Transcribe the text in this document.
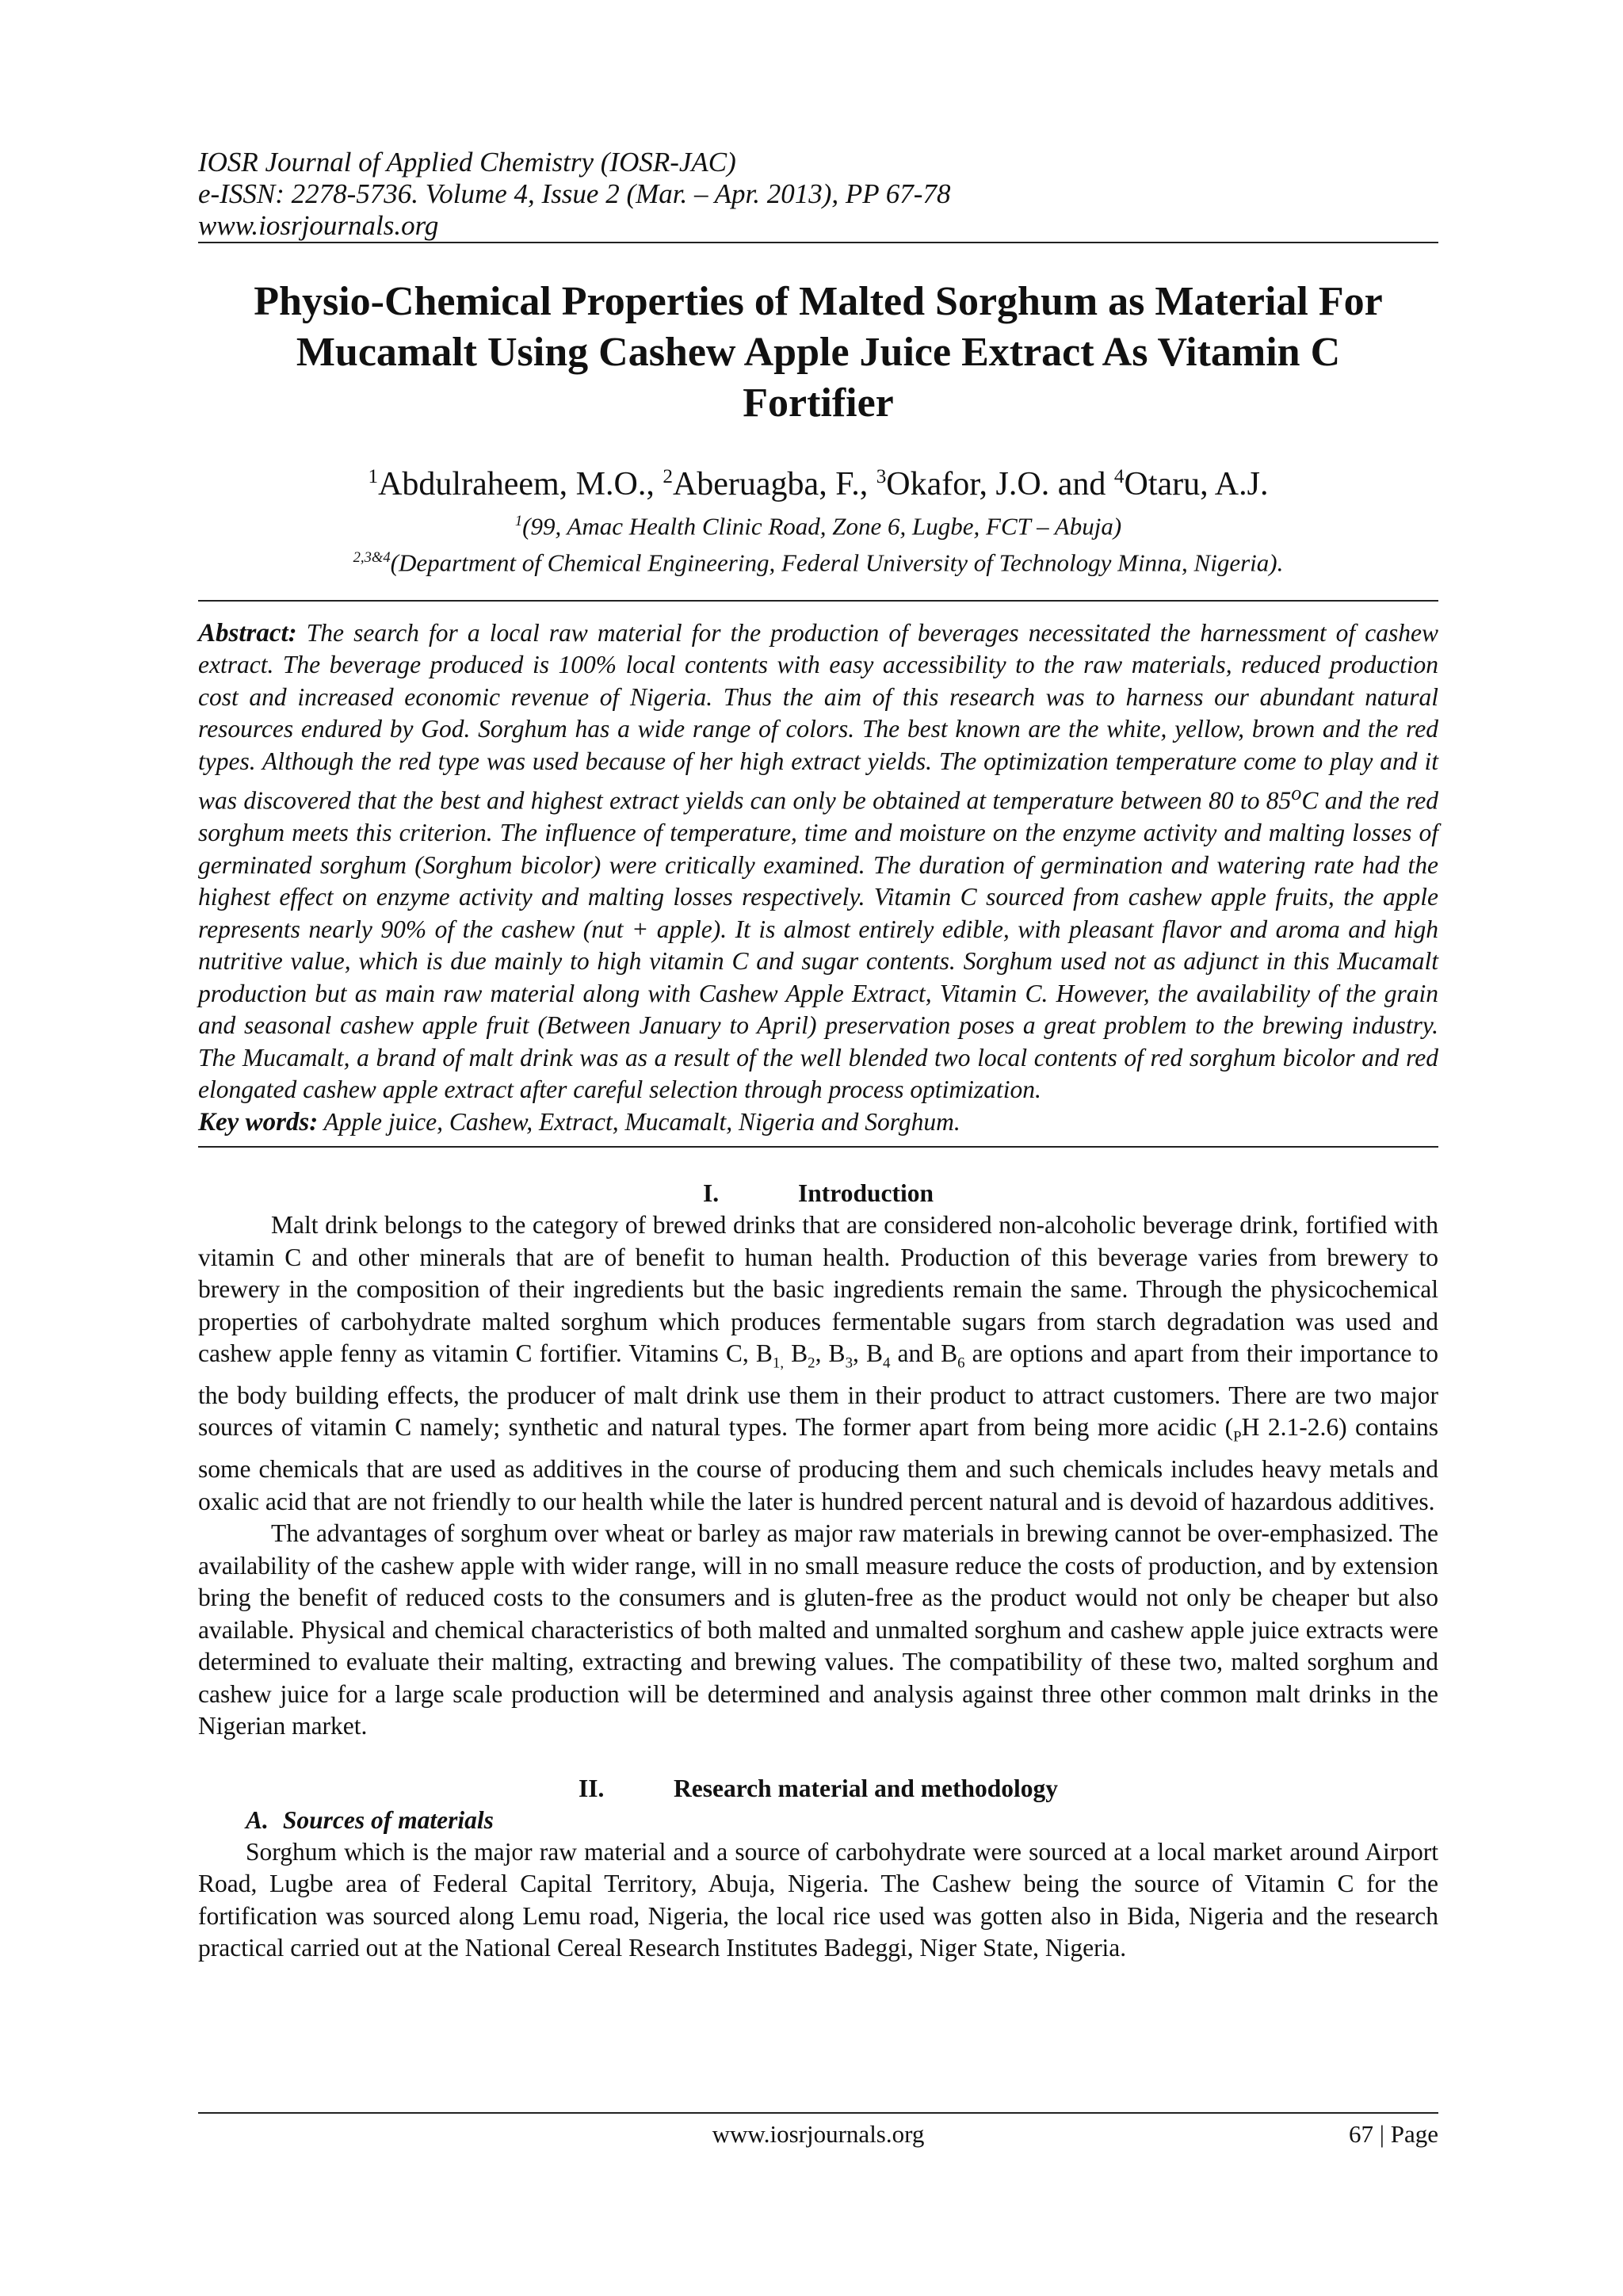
IOSR Journal of Applied Chemistry (IOSR-JAC)
e-ISSN: 2278-5736. Volume 4, Issue 2 (Mar. – Apr. 2013), PP 67-78
www.iosrjournals.org
Physio-Chemical Properties of Malted Sorghum as Material For Mucamalt Using Cashew Apple Juice Extract As Vitamin C Fortifier
$^1$Abdulraheem, M.O., $^2$Aberuagba, F., $^3$Okafor, J.O. and $^4$Otaru, A.J.
$^1$(99, Amac Health Clinic Road, Zone 6, Lugbe, FCT – Abuja)
$^{2,3\&4}$(Department of Chemical Engineering, Federal University of Technology Minna, Nigeria).

Abstract: The search for a local raw material for the production of beverages necessitated the harnessment of cashew extract. The beverage produced is 100% local contents with easy accessibility to the raw materials, reduced production cost and increased economic revenue of Nigeria. Thus the aim of this research was to harness our abundant natural resources endured by God. Sorghum has a wide range of colors. The best known are the white, yellow, brown and the red types. Although the red type was used because of her high extract yields. The optimization temperature come to play and it was discovered that the best and highest extract yields can only be obtained at temperature between 80 to 85$^o$C and the red sorghum meets this criterion. The influence of temperature, time and moisture on the enzyme activity and malting losses of germinated sorghum (Sorghum bicolor) were critically examined. The duration of germination and watering rate had the highest effect on enzyme activity and malting losses respectively. Vitamin C sourced from cashew apple fruits, the apple represents nearly 90% of the cashew (nut + apple). It is almost entirely edible, with pleasant flavor and aroma and high nutritive value, which is due mainly to high vitamin C and sugar contents. Sorghum used not as adjunct in this Mucamalt production but as main raw material along with Cashew Apple Extract, Vitamin C. However, the availability of the grain and seasonal cashew apple fruit (Between January to April) preservation poses a great problem to the brewing industry. The Mucamalt, a brand of malt drink was as a result of the well blended two local contents of red sorghum bicolor and red elongated cashew apple extract after careful selection through process optimization.

Key words: Apple juice, Cashew, Extract, Mucamalt, Nigeria and Sorghum.

I.	Introduction

Malt drink belongs to the category of brewed drinks that are considered non-alcoholic beverage drink, fortified with vitamin C and other minerals that are of benefit to human health. Production of this beverage varies from brewery to brewery in the composition of their ingredients but the basic ingredients remain the same. Through the physicochemical properties of carbohydrate malted sorghum which produces fermentable sugars from starch degradation was used and cashew apple fenny as vitamin C fortifier. Vitamins C, $B_{1,}$ $B_2$, $B_3$, $B_4$ and $B_6$ are options and apart from their importance to the body building effects, the producer of malt drink use them in their product to attract customers. There are two major sources of vitamin C namely; synthetic and natural types. The former apart from being more acidic ($_PH$ 2.1-2.6) contains some chemicals that are used as additives in the course of producing them and such chemicals includes heavy metals and oxalic acid that are not friendly to our health while the later is hundred percent natural and is devoid of hazardous additives.

The advantages of sorghum over wheat or barley as major raw materials in brewing cannot be over-emphasized. The availability of the cashew apple with wider range, will in no small measure reduce the costs of production, and by extension bring the benefit of reduced costs to the consumers and is gluten-free as the product would not only be cheaper but also available. Physical and chemical characteristics of both malted and unmalted sorghum and cashew apple juice extracts were determined to evaluate their malting, extracting and brewing values. The compatibility of these two, malted sorghum and cashew juice for a large scale production will be determined and analysis against three other common malt drinks in the Nigerian market.

II.	Research material and methodology
A. Sources of materials

Sorghum which is the major raw material and a source of carbohydrate were sourced at a local market around Airport Road, Lugbe area of Federal Capital Territory, Abuja, Nigeria. The Cashew being the source of Vitamin C for the fortification was sourced along Lemu road, Nigeria, the local rice used was gotten also in Bida, Nigeria and the research practical carried out at the National Cereal Research Institutes Badeggi, Niger State, Nigeria.

www.iosrjournals.org	67 | Page
